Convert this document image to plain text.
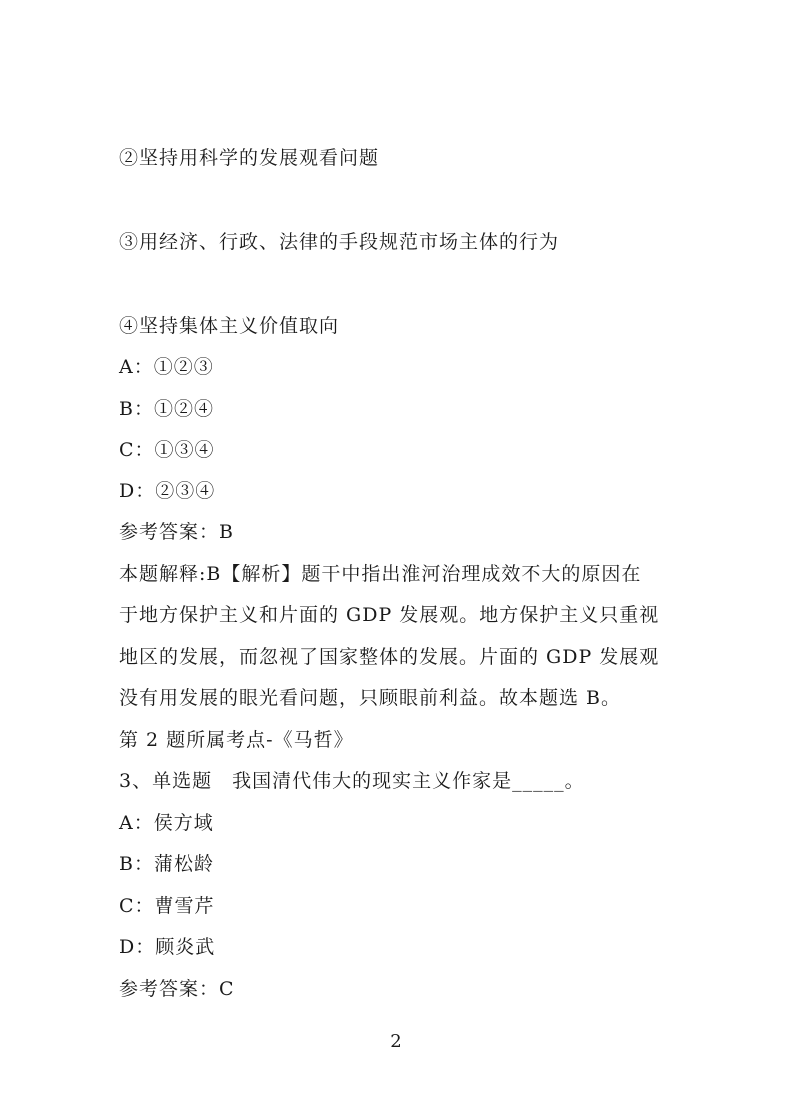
②坚持用科学的发展观看问题
③用经济、行政、法律的手段规范市场主体的行为
④坚持集体主义价值取向
A：①②③
B：①②④
C：①③④
D：②③④
参考答案：B
本题解释:B【解析】题干中指出淮河治理成效不大的原因在
于地方保护主义和片面的 GDP 发展观。地方保护主义只重视
地区的发展，而忽视了国家整体的发展。片面的 GDP 发展观
没有用发展的眼光看问题，只顾眼前利益。故本题选 B。
第 2 题所属考点-《马哲》
3、单选题　我国清代伟大的现实主义作家是_____。
A：侯方域
B：蒲松龄
C：曹雪芹
D：顾炎武
参考答案：C
2
